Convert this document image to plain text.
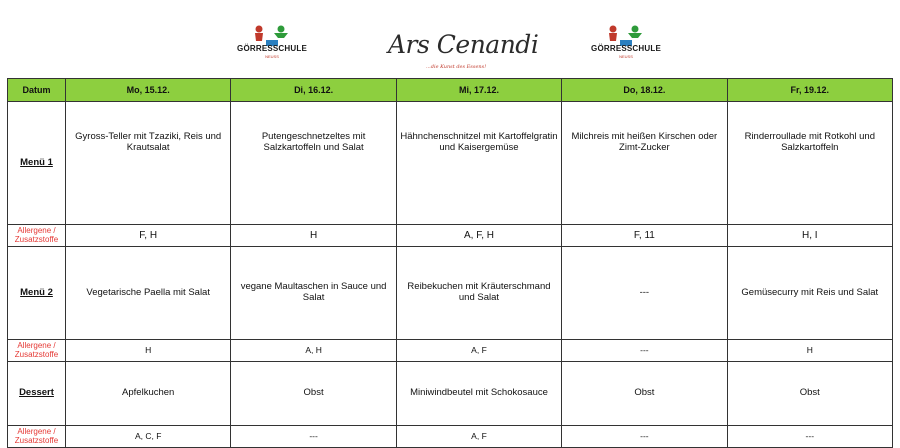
GÖRRESSCHULE
NEUSS	Ars Cenandi
...die Kunst des Essens!
GÖRRESSCHULE
NEUSS
Datum	Mo, 15.12.	Di, 16.12.	Mi, 17.12.	Do, 18.12.	Fr, 19.12.
Menü 1	Gyross-Teller mit Tzaziki, Reis und Krautsalat	Putengeschnetzeltes mit Salzkartoffeln und Salat	Hähnchenschnitzel mit Kartoffelgratin und Kaisergemüse	Milchreis mit heißen Kirschen oder Zimt-Zucker	Rinderroullade mit Rotkohl und Salzkartoffeln
Allergene / Zusatzstoffe	F, H	H	A, F, H	F, 11	H, I
Menü 2	Vegetarische Paella mit Salat	vegane Maultaschen in Sauce und Salat	Reibekuchen mit Kräuterschmand und Salat	---	Gemüsecurry mit Reis und Salat
Allergene / Zusatzstoffe	H	A, H	A, F	---	H
Dessert	Apfelkuchen	Obst	Miniwindbeutel mit Schokosauce	Obst	Obst
Allergene / Zusatzstoffe	A, C, F	---	A, F	---	---
